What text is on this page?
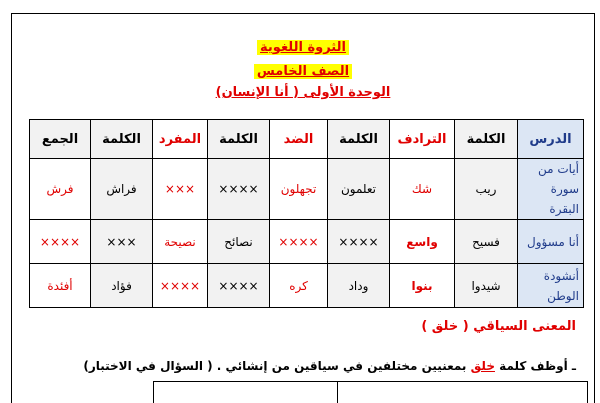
الثروة اللغوية
الصف الخامس
الوحدة الأولى ( أنا الإنسان)
الدرس	الكلمة	الترادف	الكلمة	الضد	الكلمة	المفرد	الكلمة	الجمع
أيات من سورة البقرة	ريب	شك	تعلمون	تجهلون	××××	×××	فراش	فرش
أنا مسؤول	فسيح	واسع	××××	××××	نصائح	نصيحة	×××	××××
أنشودة الوطن	شيدوا	بنوا	وداد	كره	××××	××××	فؤاد	أفئدة
المعنى السياقي ( خلق )
ـ أوظف كلمة خلق بمعنيين مختلفين في سياقين من إنشائي . ( السؤال في الاختبار)
